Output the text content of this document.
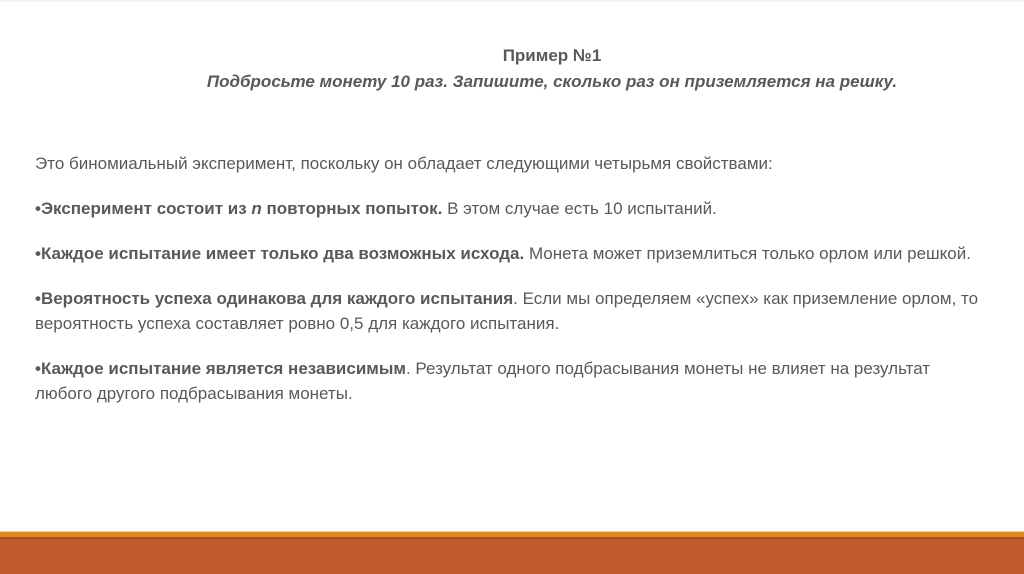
Пример №1
Подбросьте монету 10 раз. Запишите, сколько раз он приземляется на решку.

Это биномиальный эксперимент, поскольку он обладает следующими четырьмя свойствами:

•Эксперимент состоит из n повторных попыток. В этом случае есть 10 испытаний.

•Каждое испытание имеет только два возможных исхода. Монета может приземлиться только орлом или решкой.

•Вероятность успеха одинакова для каждого испытания. Если мы определяем «успех» как приземление орлом, то вероятность успеха составляет ровно 0,5 для каждого испытания.

•Каждое испытание является независимым. Результат одного подбрасывания монеты не влияет на результат любого другого подбрасывания монеты.
